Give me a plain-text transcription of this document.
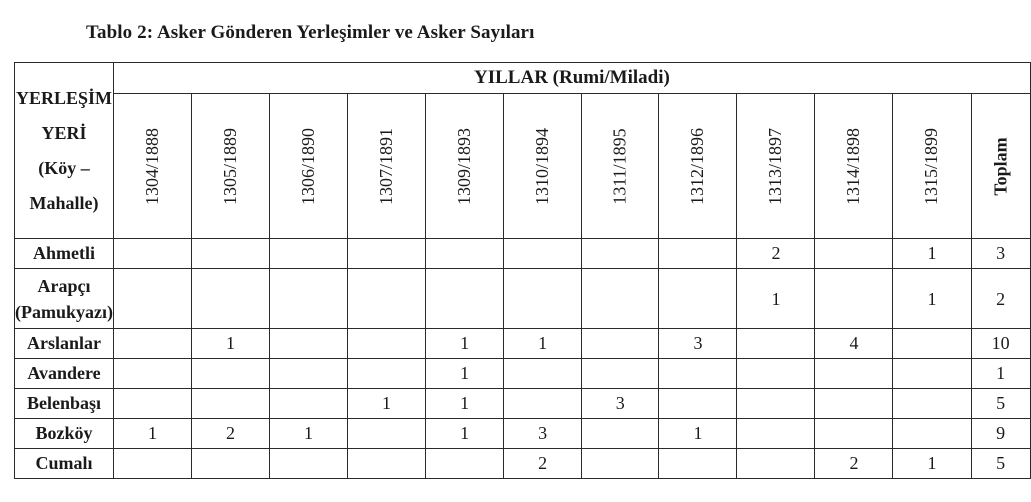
Tablo 2: Asker Gönderen Yerleşimler ve Asker Sayıları
YERLEŞİM
YERİ
(Köy – Mahalle)	YILLAR (Rumi/Miladi)											
	1304/1888	1305/1889	1306/1890	1307/1891	1309/1893	1310/1894	1311/1895	1312/1896	1313/1897	1314/1898	1315/1899	Toplam

Ahmetli									2		1	3

Arapçı
(Pamukyazı)									1		1	2

Arslanlar		1			1	1		3		4		10

Avandere					1							1

Belenbaşı				1	1		3					5

Bozköy	1	2	1		1	3		1				9

Cumalı						2				2	1	5
